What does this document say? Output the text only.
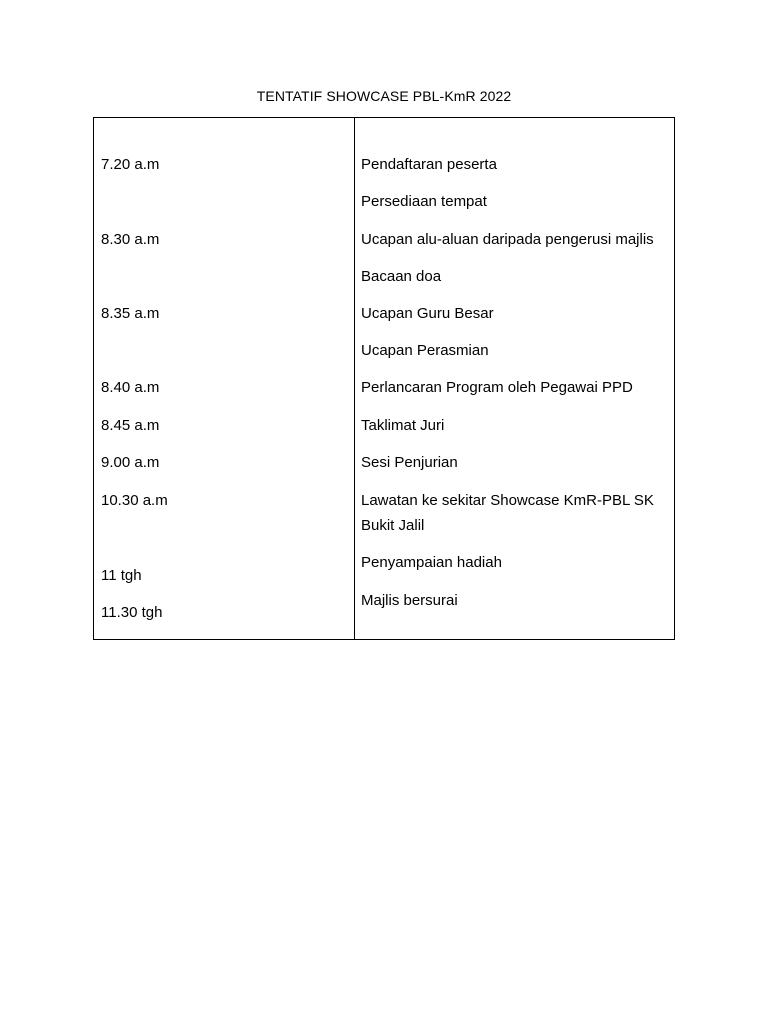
TENTATIF SHOWCASE PBL-KmR 2022
7.20 a.m
8.30 a.m
8.35 a.m
8.40 a.m
8.45 a.m
9.00 a.m
10.30 a.m
11 tgh
11.30 tgh
Pendaftaran peserta
Persediaan tempat
Ucapan alu-aluan daripada pengerusi majlis
Bacaan doa
Ucapan Guru Besar
Ucapan Perasmian
Perlancaran Program oleh Pegawai PPD
Taklimat Juri
Sesi Penjurian
Lawatan ke sekitar Showcase KmR-PBL SK
Bukit Jalil
Penyampaian hadiah
Majlis bersurai
